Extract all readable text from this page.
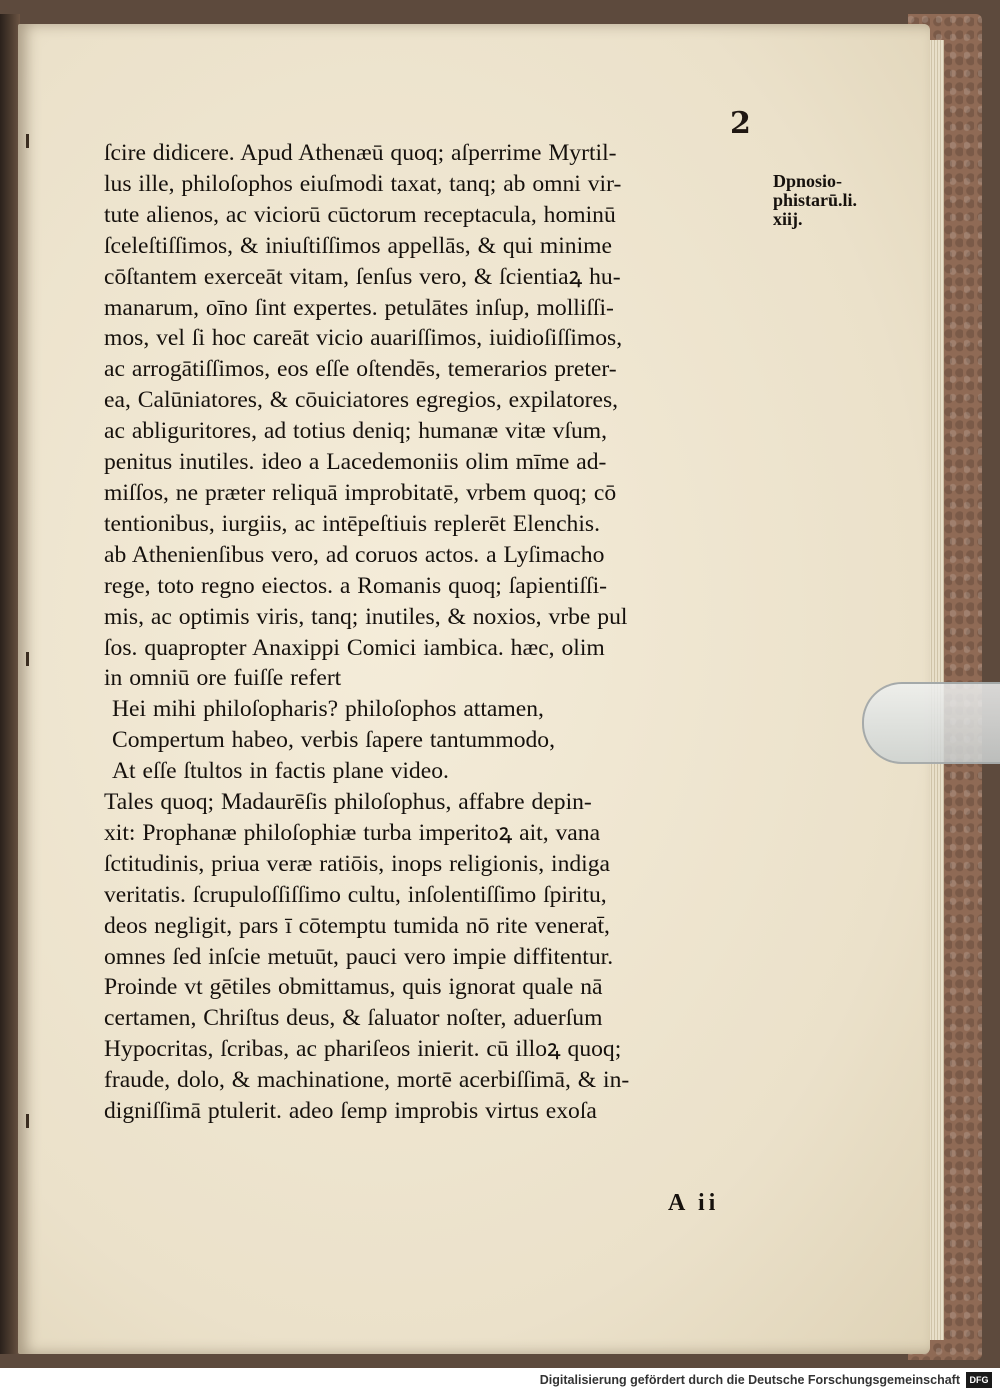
2
Dpnosio-
phistarū.li.
xiij.
ſcire didicere. Apud Athenæū quoq; aſperrime Myrtil-
lus ille, philoſophos eiuſmodi taxat, tanq; ab omni vir-
tute alienos, ac viciorū cūctorum receptacula, hominū
ſceleſtiſſimos, & iniuſtiſſimos appellās, & qui minime
cōſtantem exerceāt vitam, ſenſus vero, & ſcientiaꝝ hu-
manarum, oīno ſint expertes. petulātes inſup, molliſſi-
mos, vel ſi hoc careāt vicio auariſſimos, iuidioſiſſimos,
ac arrogātiſſimos, eos eſſe oſtendēs, temerarios preter-
ea, Calūniatores, & cōuiciatores egregios, expilatores,
ac abliguritores, ad totius deniq; humanæ vitæ vſum,
penitus inutiles. ideo a Lacedemoniis olim mīme ad-
miſſos, ne præter reliquā improbitatē, vrbem quoq; cō
tentionibus, iurgiis, ac intēpeſtiuis replerēt Elenchis.
ab Athenienſibus vero, ad coruos actos. a Lyſimacho
rege, toto regno eiectos. a Romanis quoq; ſapientiſſi-
mis, ac optimis viris, tanq; inutiles, & noxios, vrbe pul
ſos. quapropter Anaxippi Comici iambica. hæc, olim
in omniū ore fuiſſe refert
Hei mihi philoſopharis? philoſophos attamen,
Compertum habeo, verbis ſapere tantummodo,
At eſſe ſtultos in factis plane video.
Tales quoq; Madaurēſis philoſophus, affabre depin-
xit: Prophanæ philoſophiæ turba imperitoꝝ ait, vana
ſctitudinis, priua veræ ratiōis, inops religionis, indiga
veritatis. ſcrupuloſſiſſimo cultu, inſolentiſſimo ſpiritu,
deos negligit, pars ī cōtemptu tumida nō rite venerat̄,
omnes ſed inſcie metuūt, pauci vero impie diffitentur.
Proinde vt gētiles obmittamus, quis ignorat quale nā
certamen, Chriſtus deus, & ſaluator noſter, aduerſum
Hypocritas, ſcribas, ac phariſeos inierit. cū illoꝝ quoq;
fraude, dolo, & machinatione, mortē acerbiſſimā, & in-
digniſſimā ptulerit. adeo ſemp improbis virtus exoſa
A ii
Digitalisierung gefördert durch die Deutsche Forschungsgemeinschaft	DFG
